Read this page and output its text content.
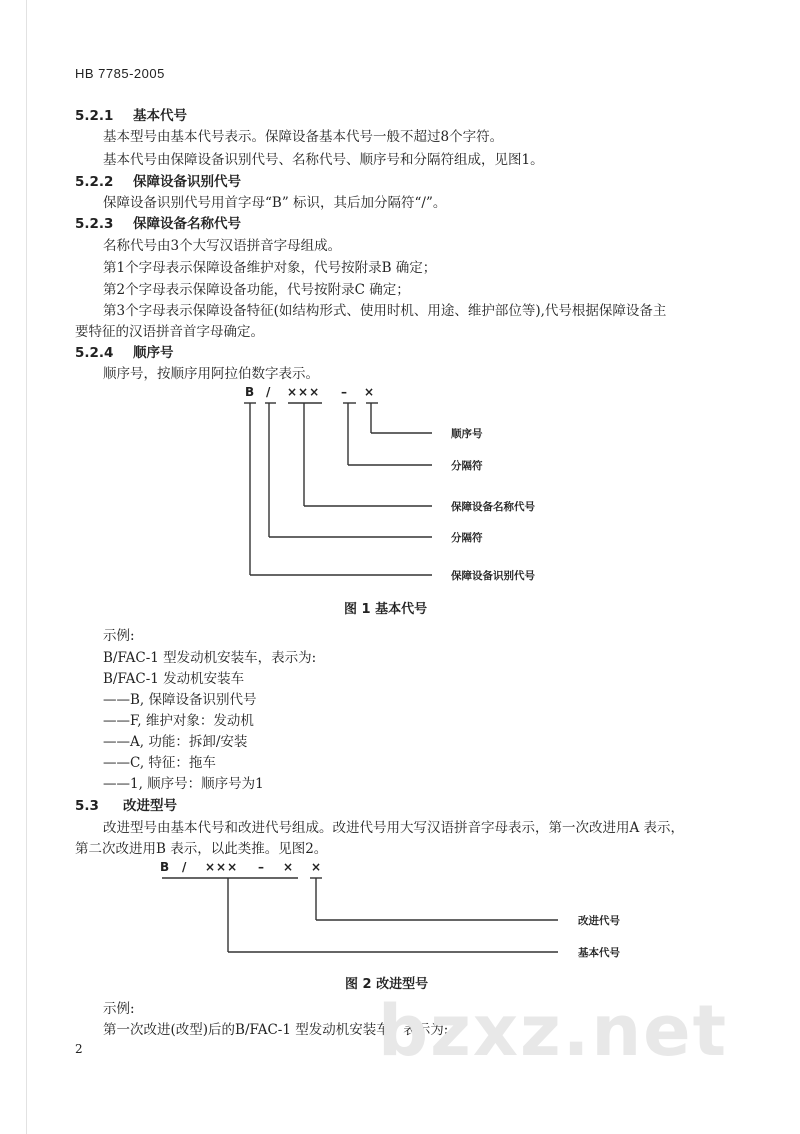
HB 7785-2005
5.2.1 基本代号
基本型号由基本代号表示。保障设备基本代号一般不超过8个字符。
基本代号由保障设备识别代号、名称代号、顺序号和分隔符组成，见图1。
5.2.2 保障设备识别代号
保障设备识别代号用首字母“B” 标识，其后加分隔符“/”。
5.2.3 保障设备名称代号
名称代号由3个大写汉语拼音字母组成。
第1个字母表示保障设备维护对象，代号按附录B 确定；
第2个字母表示保障设备功能，代号按附录C 确定；
第3个字母表示保障设备特征(如结构形式、使用时机、用途、维护部位等),代号根据保障设备主
要特征的汉语拼音首字母确定。
5.2.4 顺序号
顺序号，按顺序用阿拉伯数字表示。
B / ××× – ×
顺序号
分隔符
保障设备名称代号
分隔符
保障设备识别代号
图 1 基本代号
示例:
B/FAC-1 型发动机安装车，表示为:
B/FAC-1 发动机安装车
——B, 保障设备识别代号
——F, 维护对象：发动机
——A, 功能：拆卸/安装
——C, 特征：拖车
——1, 顺序号：顺序号为1
5.3 改进型号
改进型号由基本代号和改进代号组成。改进代号用大写汉语拼音字母表示，第一次改进用A 表示，
第二次改进用B 表示，以此类推。见图2。
B / ××× – × ×
改进代号
基本代号
图 2 改进型号
示例:
第一次改进(改型)后的B/FAC-1 型发动机安装车，表示为:
bzxz.net
2
